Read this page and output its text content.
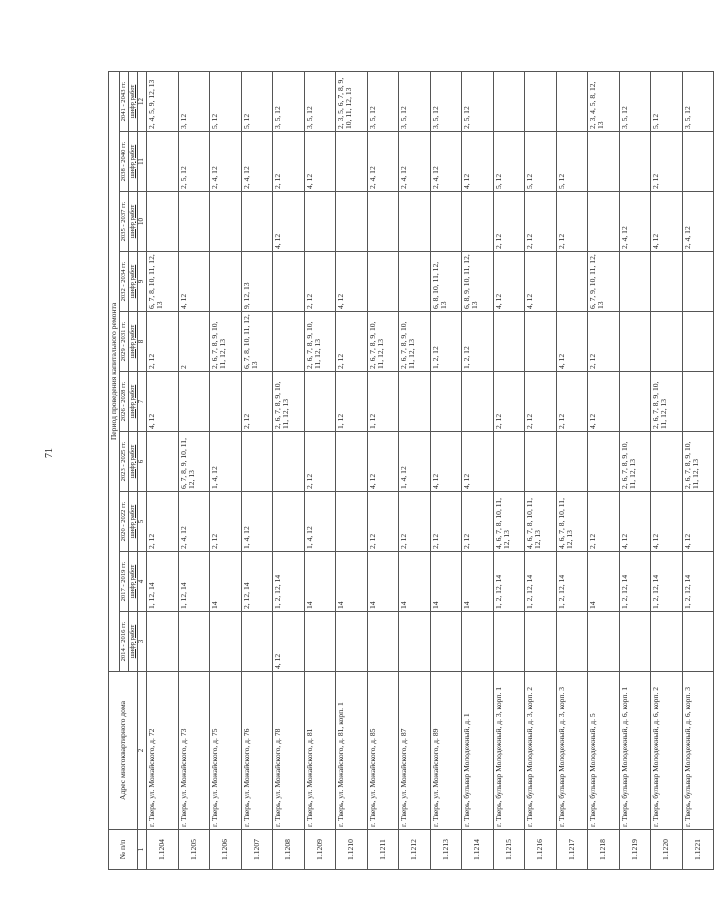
71
№ п/п	Адрес многоквартирного дома	Период проведения капитального ремонта									
		2014 - 2016 гг.	2017 - 2019 гг.	2020 - 2022 гг.	2023 - 2025 гг.	2026 - 2028 гг.	2029 - 2031 гг.	2032 - 2034 гг.	2035 - 2037 гг.	2038 - 2040 гг.	2041 - 2043 гг.
		шифр работ	шифр работ	шифр работ	шифр работ	шифр работ	шифр работ	шифр работ	шифр работ	шифр работ	шифр работ
1	2	3	4	5	6	7	8	9	10	11	12
1.1204	г. Тверь, ул. Можайского, д. 72		1, 12, 14	2, 12		4, 12	2, 12	6, 7, 8, 10, 11, 12, 13			2, 4, 5, 9, 12, 13
1.1205	г. Тверь, ул. Можайского, д. 73		1, 12, 14	2, 4, 12	6, 7, 8, 9, 10, 11, 12, 13		2	4, 12		2, 5, 12	3, 12
1.1206	г. Тверь, ул. Можайского, д. 75		14	2, 12	1, 4, 12		2, 6, 7, 8, 9, 10, 11, 12, 13			2, 4, 12	5, 12
1.1207	г. Тверь, ул. Можайского, д. 76		2, 12, 14	1, 4, 12		2, 12	6, 7, 8, 10, 11, 12, 13	9, 12, 13		2, 4, 12	5, 12
1.1208	г. Тверь, ул. Можайского, д. 78	4, 12	1, 2, 12, 14			2, 6, 7, 8, 9, 10, 11, 12, 13			4, 12	2, 12	3, 5, 12
1.1209	г. Тверь, ул. Можайского, д. 81		14	1, 4, 12	2, 12		2, 6, 7, 8, 9, 10, 11, 12, 13	2, 12		4, 12	3, 5, 12
1.1210	г. Тверь, ул. Можайского, д. 81, корп. 1		14			1, 12	2, 12	4, 12			2, 3, 5, 6, 7, 8, 9, 10, 11, 12, 13
1.1211	г. Тверь, ул. Можайского, д. 85		14	2, 12	4, 12	1, 12	2, 6, 7, 8, 9, 10, 11, 12, 13			2, 4, 12	3, 5, 12
1.1212	г. Тверь, ул. Можайского, д. 87		14	2, 12	1, 4, 12		2, 6, 7, 8, 9, 10, 11, 12, 13			2, 4, 12	3, 5, 12
1.1213	г. Тверь, ул. Можайского, д. 89		14	2, 12	4, 12		1, 2, 12	6, 8, 10, 11, 12, 13		2, 4, 12	3, 5, 12
1.1214	г. Тверь, бульвар Молодежный, д. 1		14	2, 12	4, 12		1, 2, 12	6, 8, 9, 10, 11, 12, 13		4, 12	2, 5, 12
1.1215	г. Тверь, бульвар Молодежный, д. 3, корп. 1		1, 2, 12, 14	4, 6, 7, 8, 10, 11, 12, 13		2, 12		4, 12	2, 12	5, 12	
1.1216	г. Тверь, бульвар Молодежный, д. 3, корп. 2		1, 2, 12, 14	4, 6, 7, 8, 10, 11, 12, 13		2, 12		4, 12	2, 12	5, 12	
1.1217	г. Тверь, бульвар Молодежный, д. 3, корп. 3		1, 2, 12, 14	4, 6, 7, 8, 10, 11, 12, 13		2, 12	4, 12		2, 12	5, 12	
1.1218	г. Тверь, бульвар Молодежный, д. 5		14	2, 12		4, 12	2, 12	6, 7, 9, 10, 11, 12, 13			2, 3, 4, 5, 8, 12, 13
1.1219	г. Тверь, бульвар Молодежный, д. 6, корп. 1		1, 2, 12, 14	4, 12	2, 6, 7, 8, 9, 10, 11, 12, 13				2, 4, 12		3, 5, 12
1.1220	г. Тверь, бульвар Молодежный, д. 6, корп. 2		1, 2, 12, 14	4, 12		2, 6, 7, 8, 9, 10, 11, 12, 13			4, 12	2, 12	5, 12
1.1221	г. Тверь, бульвар Молодежный, д. 6, корп. 3		1, 2, 12, 14	4, 12	2, 6, 7, 8, 9, 10, 11, 12, 13				2, 4, 12		3, 5, 12
